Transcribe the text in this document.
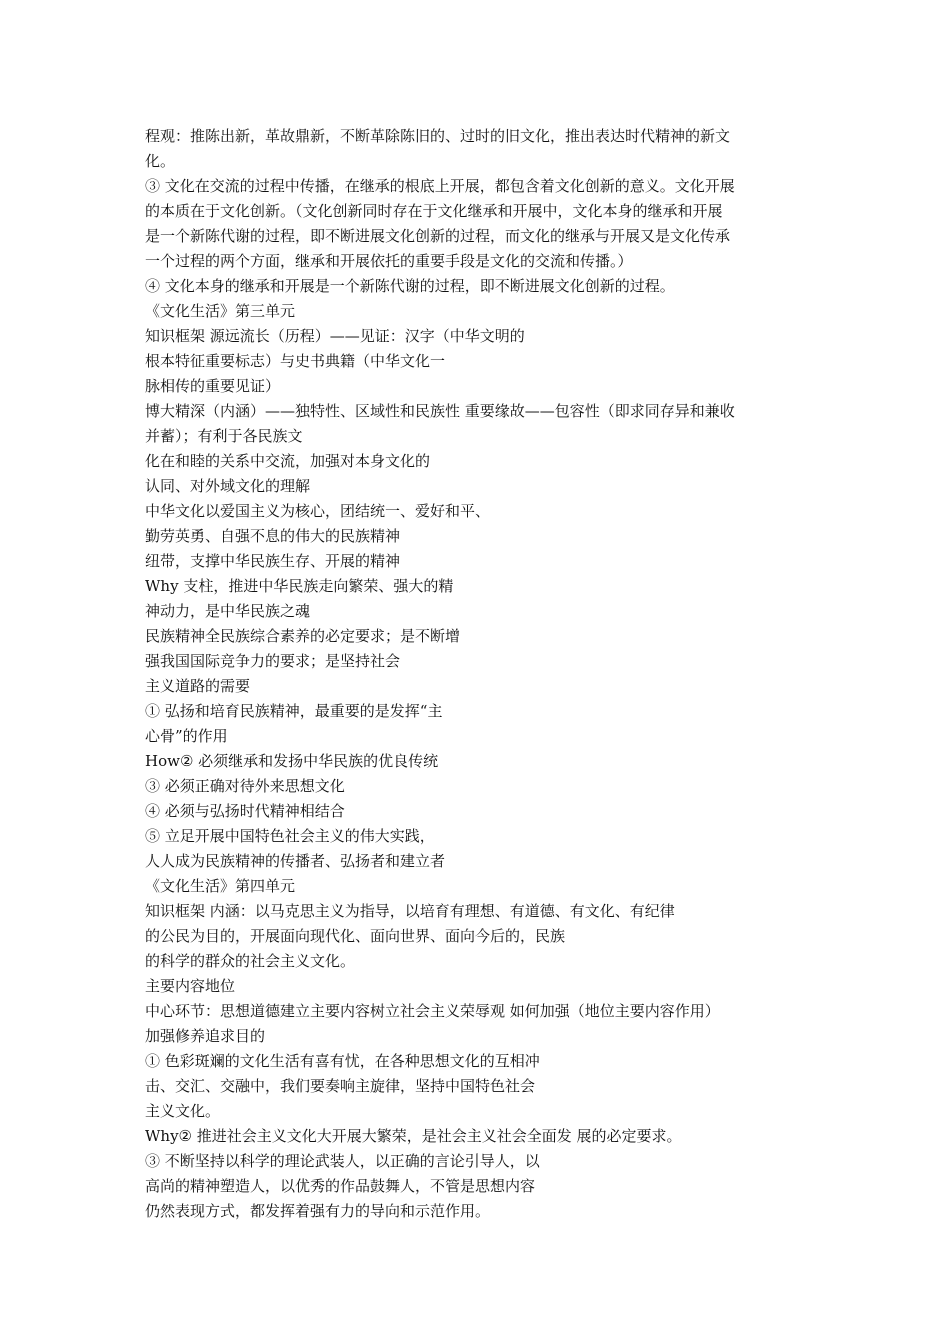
程观：推陈出新，革故鼎新，不断革除陈旧的、过时的旧文化，推出表达时代精神的新文
化。
③ 文化在交流的过程中传播，在继承的根底上开展，都包含着文化创新的意义。文化开展
的本质在于文化创新。（文化创新同时存在于文化继承和开展中，文化本身的继承和开展
是一个新陈代谢的过程，即不断进展文化创新的过程，而文化的继承与开展又是文化传承
一个过程的两个方面，继承和开展依托的重要手段是文化的交流和传播。）
④ 文化本身的继承和开展是一个新陈代谢的过程，即不断进展文化创新的过程。
《文化生活》第三单元
知识框架 源远流长（历程）——见证：汉字（中华文明的
根本特征重要标志）与史书典籍（中华文化一
脉相传的重要见证）
博大精深（内涵）——独特性、区域性和民族性 重要缘故——包容性（即求同存异和兼收
并蓄）；有利于各民族文
化在和睦的关系中交流，加强对本身文化的
认同、对外域文化的理解
中华文化以爱国主义为核心，团结统一、爱好和平、
勤劳英勇、自强不息的伟大的民族精神
纽带，支撑中华民族生存、开展的精神
Why 支柱，推进中华民族走向繁荣、强大的精
神动力，是中华民族之魂
民族精神全民族综合素养的必定要求；是不断增
强我国国际竞争力的要求；是坚持社会
主义道路的需要
① 弘扬和培育民族精神，最重要的是发挥“主
心骨”的作用
How② 必须继承和发扬中华民族的优良传统
③ 必须正确对待外来思想文化
④ 必须与弘扬时代精神相结合
⑤ 立足开展中国特色社会主义的伟大实践，
人人成为民族精神的传播者、弘扬者和建立者
《文化生活》第四单元
知识框架 内涵：以马克思主义为指导，以培育有理想、有道德、有文化、有纪律
的公民为目的，开展面向现代化、面向世界、面向今后的，民族
的科学的群众的社会主义文化。
主要内容地位
中心环节：思想道德建立主要内容树立社会主义荣辱观 如何加强（地位主要内容作用）
加强修养追求目的
① 色彩斑斓的文化生活有喜有忧，在各种思想文化的互相冲
击、交汇、交融中，我们要奏响主旋律，坚持中国特色社会
主义文化。
Why② 推进社会主义文化大开展大繁荣，是社会主义社会全面发 展的必定要求。
③ 不断坚持以科学的理论武装人，以正确的言论引导人，以
高尚的精神塑造人，以优秀的作品鼓舞人，不管是思想内容
仍然表现方式，都发挥着强有力的导向和示范作用。
